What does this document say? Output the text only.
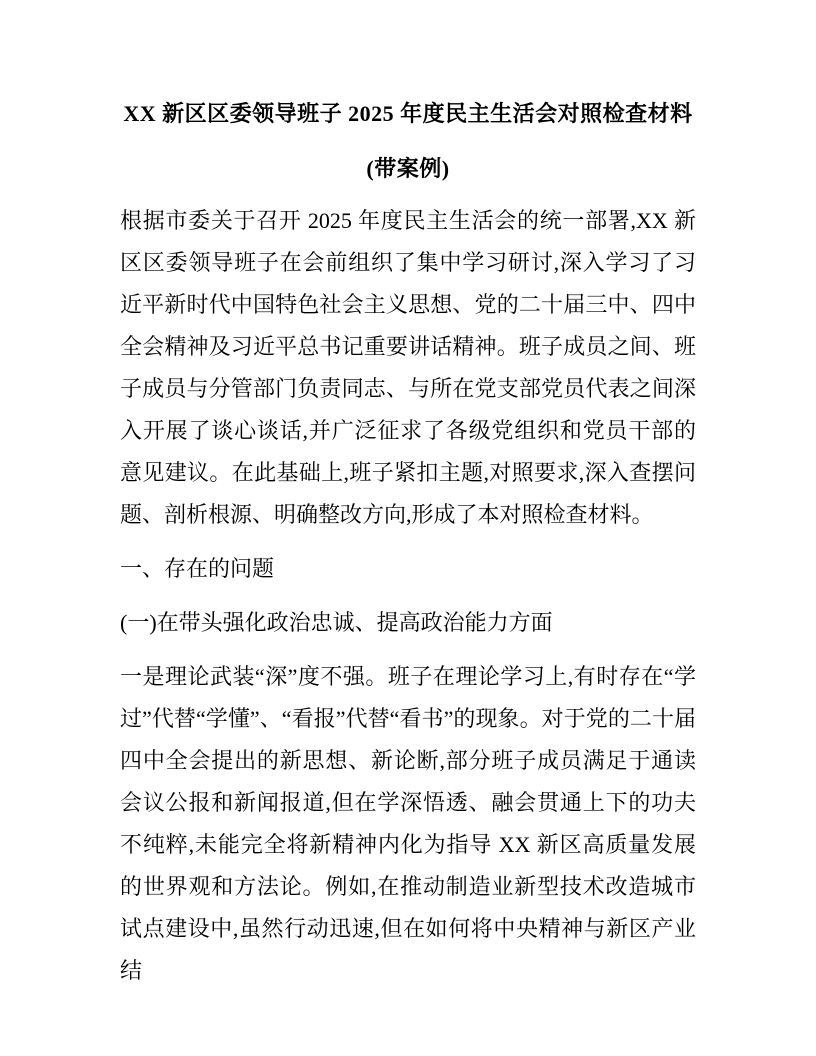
XX 新区区委领导班子 2025 年度民主生活会对照检查材料(带案例)

根据市委关于召开 2025 年度民主生活会的统一部署,XX 新区区委领导班子在会前组织了集中学习研讨,深入学习了习近平新时代中国特色社会主义思想、党的二十届三中、四中全会精神及习近平总书记重要讲话精神。班子成员之间、班子成员与分管部门负责同志、与所在党支部党员代表之间深入开展了谈心谈话,并广泛征求了各级党组织和党员干部的意见建议。在此基础上,班子紧扣主题,对照要求,深入查摆问题、剖析根源、明确整改方向,形成了本对照检查材料。

一、存在的问题

(一)在带头强化政治忠诚、提高政治能力方面

一是理论武装“深”度不强。班子在理论学习上,有时存在“学过”代替“学懂”、“看报”代替“看书”的现象。对于党的二十届四中全会提出的新思想、新论断,部分班子成员满足于通读会议公报和新闻报道,但在学深悟透、融会贯通上下的功夫不纯粹,未能完全将新精神内化为指导 XX 新区高质量发展的世界观和方法论。例如,在推动制造业新型技术改造城市试点建设中,虽然行动迅速,但在如何将中央精神与新区产业结
